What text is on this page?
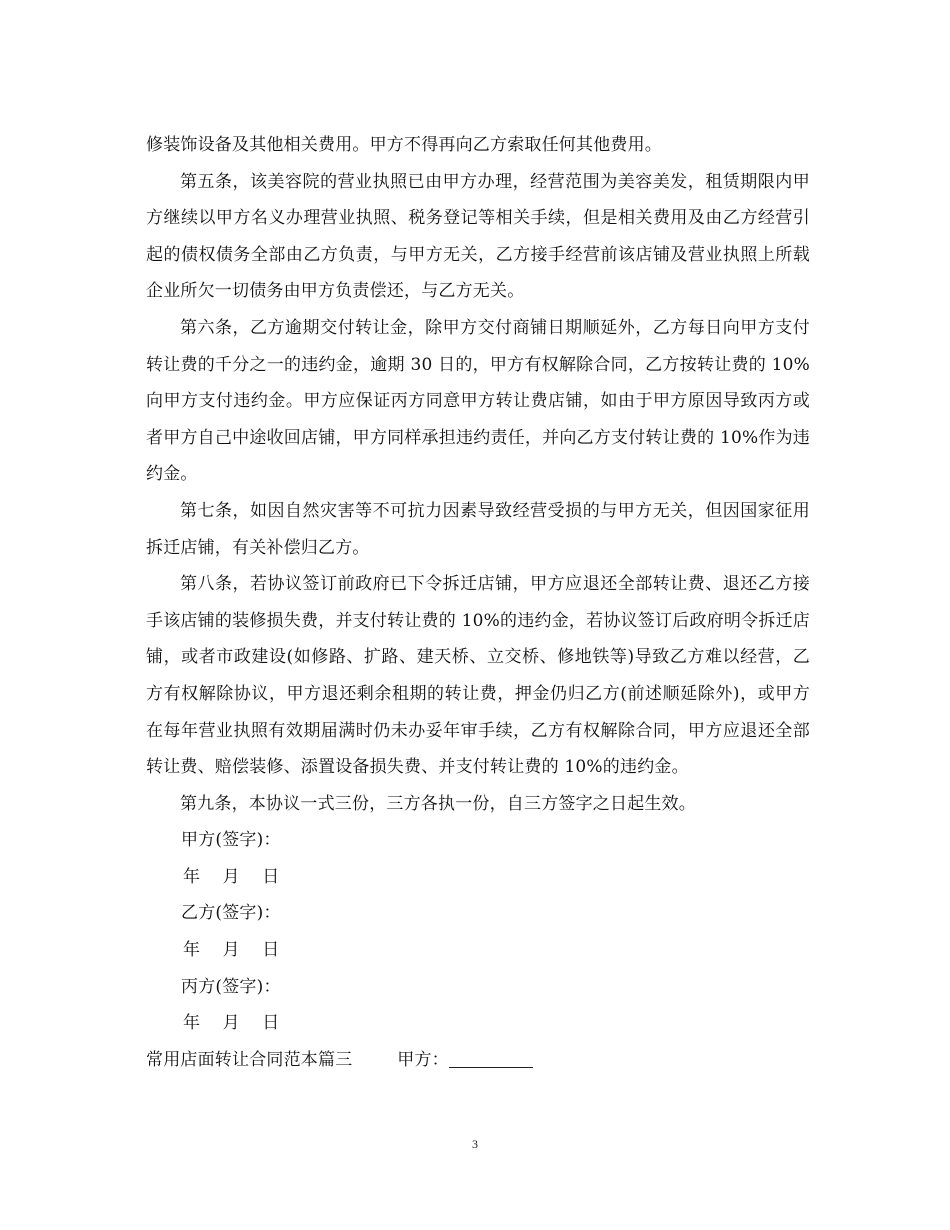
修装饰设备及其他相关费用。甲方不得再向乙方索取任何其他费用。

第五条，该美容院的营业执照已由甲方办理，经营范围为美容美发，租赁期限内甲方继续以甲方名义办理营业执照、税务登记等相关手续，但是相关费用及由乙方经营引起的债权债务全部由乙方负责，与甲方无关，乙方接手经营前该店铺及营业执照上所载企业所欠一切债务由甲方负责偿还，与乙方无关。

第六条，乙方逾期交付转让金，除甲方交付商铺日期顺延外，乙方每日向甲方支付转让费的千分之一的违约金，逾期 30 日的，甲方有权解除合同，乙方按转让费的 10%向甲方支付违约金。甲方应保证丙方同意甲方转让费店铺，如由于甲方原因导致丙方或者甲方自己中途收回店铺，甲方同样承担违约责任，并向乙方支付转让费的 10%作为违约金。

第七条，如因自然灾害等不可抗力因素导致经营受损的与甲方无关，但因国家征用拆迁店铺，有关补偿归乙方。

第八条，若协议签订前政府已下令拆迁店铺，甲方应退还全部转让费、退还乙方接手该店铺的装修损失费，并支付转让费的 10%的违约金，若协议签订后政府明令拆迁店铺，或者市政建设(如修路、扩路、建天桥、立交桥、修地铁等)导致乙方难以经营，乙方有权解除协议，甲方退还剩余租期的转让费，押金仍归乙方(前述顺延除外)，或甲方在每年营业执照有效期届满时仍未办妥年审手续，乙方有权解除合同，甲方应退还全部转让费、赔偿装修、添置设备损失费、并支付转让费的 10%的违约金。

第九条，本协议一式三份，三方各执一份，自三方签字之日起生效。

甲方(签字)：

年    月    日

乙方(签字)：

年    月    日

丙方(签字)：

年    月    日

常用店面转让合同范本篇三	甲方：

3
